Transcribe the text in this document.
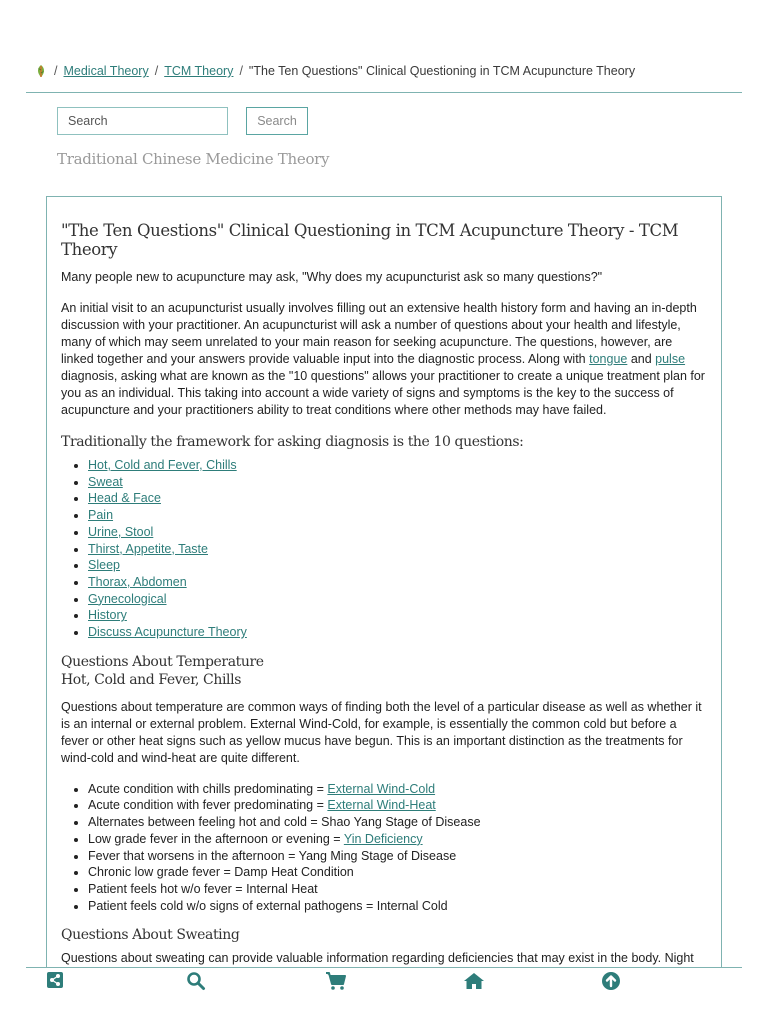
/ Medical Theory / TCM Theory / "The Ten Questions" Clinical Questioning in TCM Acupuncture Theory
Search
Search
Traditional Chinese Medicine Theory
"The Ten Questions" Clinical Questioning in TCM Acupuncture Theory - TCM Theory

Many people new to acupuncture may ask, "Why does my acupuncturist ask so many questions?"

An initial visit to an acupuncturist usually involves filling out an extensive health history form and having an in-depth discussion with your practitioner. An acupuncturist will ask a number of questions about your health and lifestyle, many of which may seem unrelated to your main reason for seeking acupuncture. The questions, however, are linked together and your answers provide valuable input into the diagnostic process. Along with tongue and pulse diagnosis, asking what are known as the "10 questions" allows your practitioner to create a unique treatment plan for you as an individual. This taking into account a wide variety of signs and symptoms is the key to the success of acupuncture and your practitioners ability to treat conditions where other methods may have failed.

Traditionally the framework for asking diagnosis is the 10 questions:
• Hot, Cold and Fever, Chills
• Sweat
• Head & Face
• Pain
• Urine, Stool
• Thirst, Appetite, Taste
• Sleep
• Thorax, Abdomen
• Gynecological
• History
• Discuss Acupuncture Theory
Questions About Temperature
Hot, Cold and Fever, Chills

Questions about temperature are common ways of finding both the level of a particular disease as well as whether it is an internal or external problem. External Wind-Cold, for example, is essentially the common cold but before a fever or other heat signs such as yellow mucus have begun. This is an important distinction as the treatments for wind-cold and wind-heat are quite different.

• Acute condition with chills predominating = External Wind-Cold
• Acute condition with fever predominating = External Wind-Heat
• Alternates between feeling hot and cold = Shao Yang Stage of Disease
• Low grade fever in the afternoon or evening = Yin Deficiency
• Fever that worsens in the afternoon = Yang Ming Stage of Disease
• Chronic low grade fever = Damp Heat Condition
• Patient feels hot w/o fever = Internal Heat
• Patient feels cold w/o signs of external pathogens = Internal Cold
Questions About Sweating

Questions about sweating can provide valuable information regarding deficiencies that may exist in the body. Night
